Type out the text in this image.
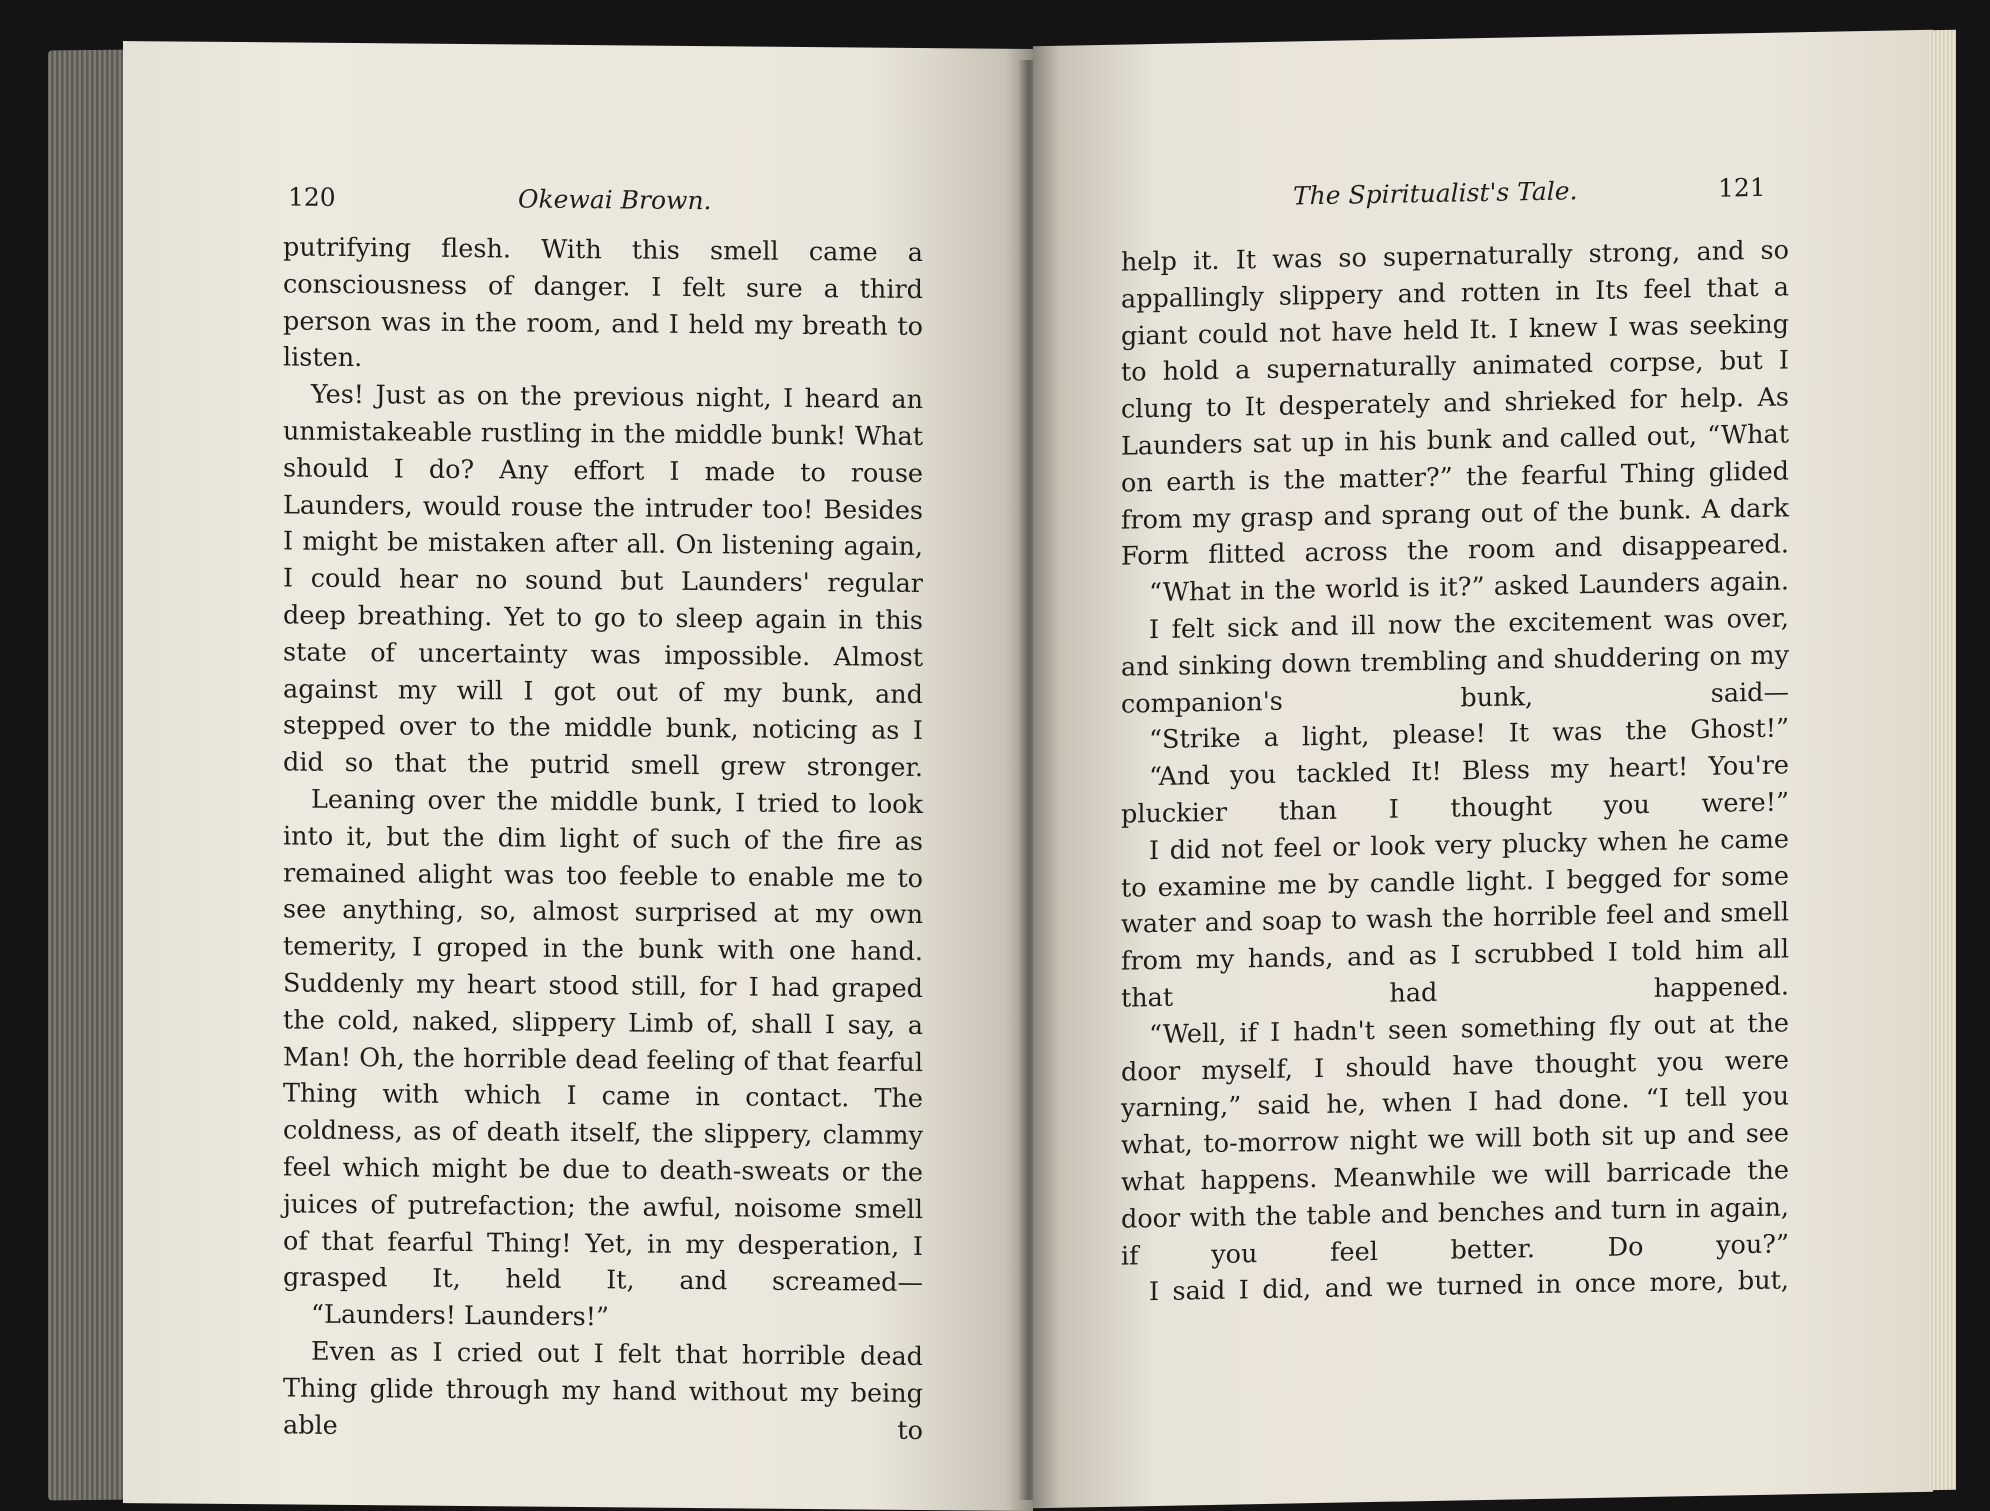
120	Okewai Brown.

putrifying flesh. With this smell came a consciousness of danger. I felt sure a third person was in the room, and I held my breath to listen.

Yes! Just as on the previous night, I heard an unmistakeable rustling in the middle bunk! What should I do? Any effort I made to rouse Launders, would rouse the intruder too! Besides I might be mistaken after all. On listening again, I could hear no sound but Launders' regular deep breathing. Yet to go to sleep again in this state of uncertainty was impossible. Almost against my will I got out of my bunk, and stepped over to the middle bunk, noticing as I did so that the putrid smell grew stronger.

Leaning over the middle bunk, I tried to look into it, but the dim light of such of the fire as remained alight was too feeble to enable me to see anything, so, almost surprised at my own temerity, I groped in the bunk with one hand. Suddenly my heart stood still, for I had graped the cold, naked, slippery Limb of, shall I say, a Man! Oh, the horrible dead feeling of that fearful Thing with which I came in contact. The coldness, as of death itself, the slippery, clammy feel which might be due to death-sweats or the juices of putrefaction; the awful, noisome smell of that fearful Thing! Yet, in my desperation, I grasped It, held It, and screamed—

“Launders! Launders!”

Even as I cried out I felt that horrible dead Thing glide through my hand without my being able to

The Spiritualist's Tale.	121

help it. It was so supernaturally strong, and so appallingly slippery and rotten in Its feel that a giant could not have held It. I knew I was seeking to hold a supernaturally animated corpse, but I clung to It desperately and shrieked for help. As Launders sat up in his bunk and called out, “What on earth is the matter?” the fearful Thing glided from my grasp and sprang out of the bunk. A dark Form flitted across the room and disappeared.

“What in the world is it?” asked Launders again.

I felt sick and ill now the excitement was over, and sinking down trembling and shuddering on my companion's bunk, said—

“Strike a light, please! It was the Ghost!”

“And you tackled It! Bless my heart! You're pluckier than I thought you were!”

I did not feel or look very plucky when he came to examine me by candle light. I begged for some water and soap to wash the horrible feel and smell from my hands, and as I scrubbed I told him all that had happened.

“Well, if I hadn't seen something fly out at the door myself, I should have thought you were yarning,” said he, when I had done. “I tell you what, to-morrow night we will both sit up and see what happens. Meanwhile we will barricade the door with the table and benches and turn in again, if you feel better. Do you?”

I said I did, and we turned in once more, but,
